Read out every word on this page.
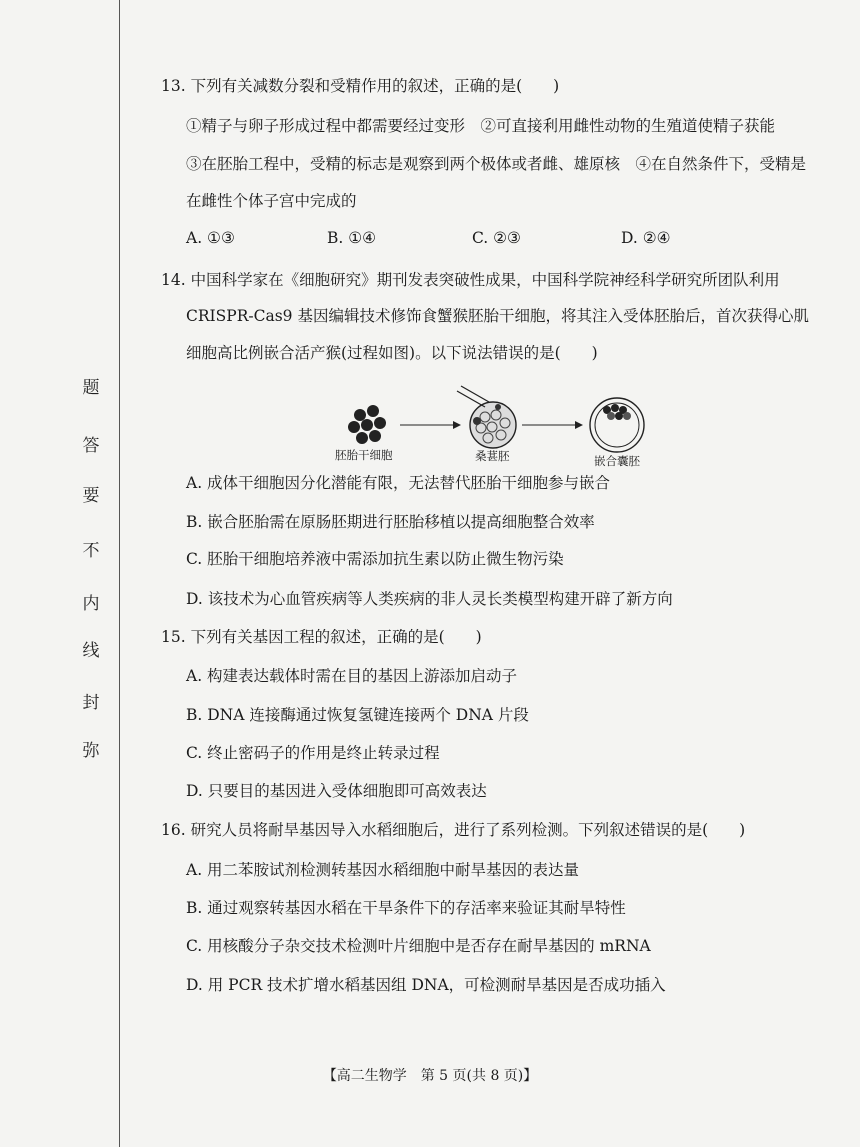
题
答
要
不
内
线
封
弥
13. 下列有关减数分裂和受精作用的叙述，正确的是(　　)
①精子与卵子形成过程中都需要经过变形　②可直接利用雌性动物的生殖道使精子获能
③在胚胎工程中，受精的标志是观察到两个极体或者雌、雄原核　④在自然条件下，受精是
在雌性个体子宫中完成的
A. ①③	B. ①④	C. ②③	D. ②④
14. 中国科学家在《细胞研究》期刊发表突破性成果，中国科学院神经科学研究所团队利用
CRISPR-Cas9 基因编辑技术修饰食蟹猴胚胎干细胞，将其注入受体胚胎后，首次获得心肌
细胞高比例嵌合活产猴(过程如图)。以下说法错误的是(　　)
胚胎干细胞	桑葚胚	嵌合囊胚
A. 成体干细胞因分化潜能有限，无法替代胚胎干细胞参与嵌合
B. 嵌合胚胎需在原肠胚期进行胚胎移植以提高细胞整合效率
C. 胚胎干细胞培养液中需添加抗生素以防止微生物污染
D. 该技术为心血管疾病等人类疾病的非人灵长类模型构建开辟了新方向
15. 下列有关基因工程的叙述，正确的是(　　)
A. 构建表达载体时需在目的基因上游添加启动子
B. DNA 连接酶通过恢复氢键连接两个 DNA 片段
C. 终止密码子的作用是终止转录过程
D. 只要目的基因进入受体细胞即可高效表达
16. 研究人员将耐旱基因导入水稻细胞后，进行了系列检测。下列叙述错误的是(　　)
A. 用二苯胺试剂检测转基因水稻细胞中耐旱基因的表达量
B. 通过观察转基因水稻在干旱条件下的存活率来验证其耐旱特性
C. 用核酸分子杂交技术检测叶片细胞中是否存在耐旱基因的 mRNA
D. 用 PCR 技术扩增水稻基因组 DNA，可检测耐旱基因是否成功插入
【高二生物学　第 5 页(共 8 页)】
